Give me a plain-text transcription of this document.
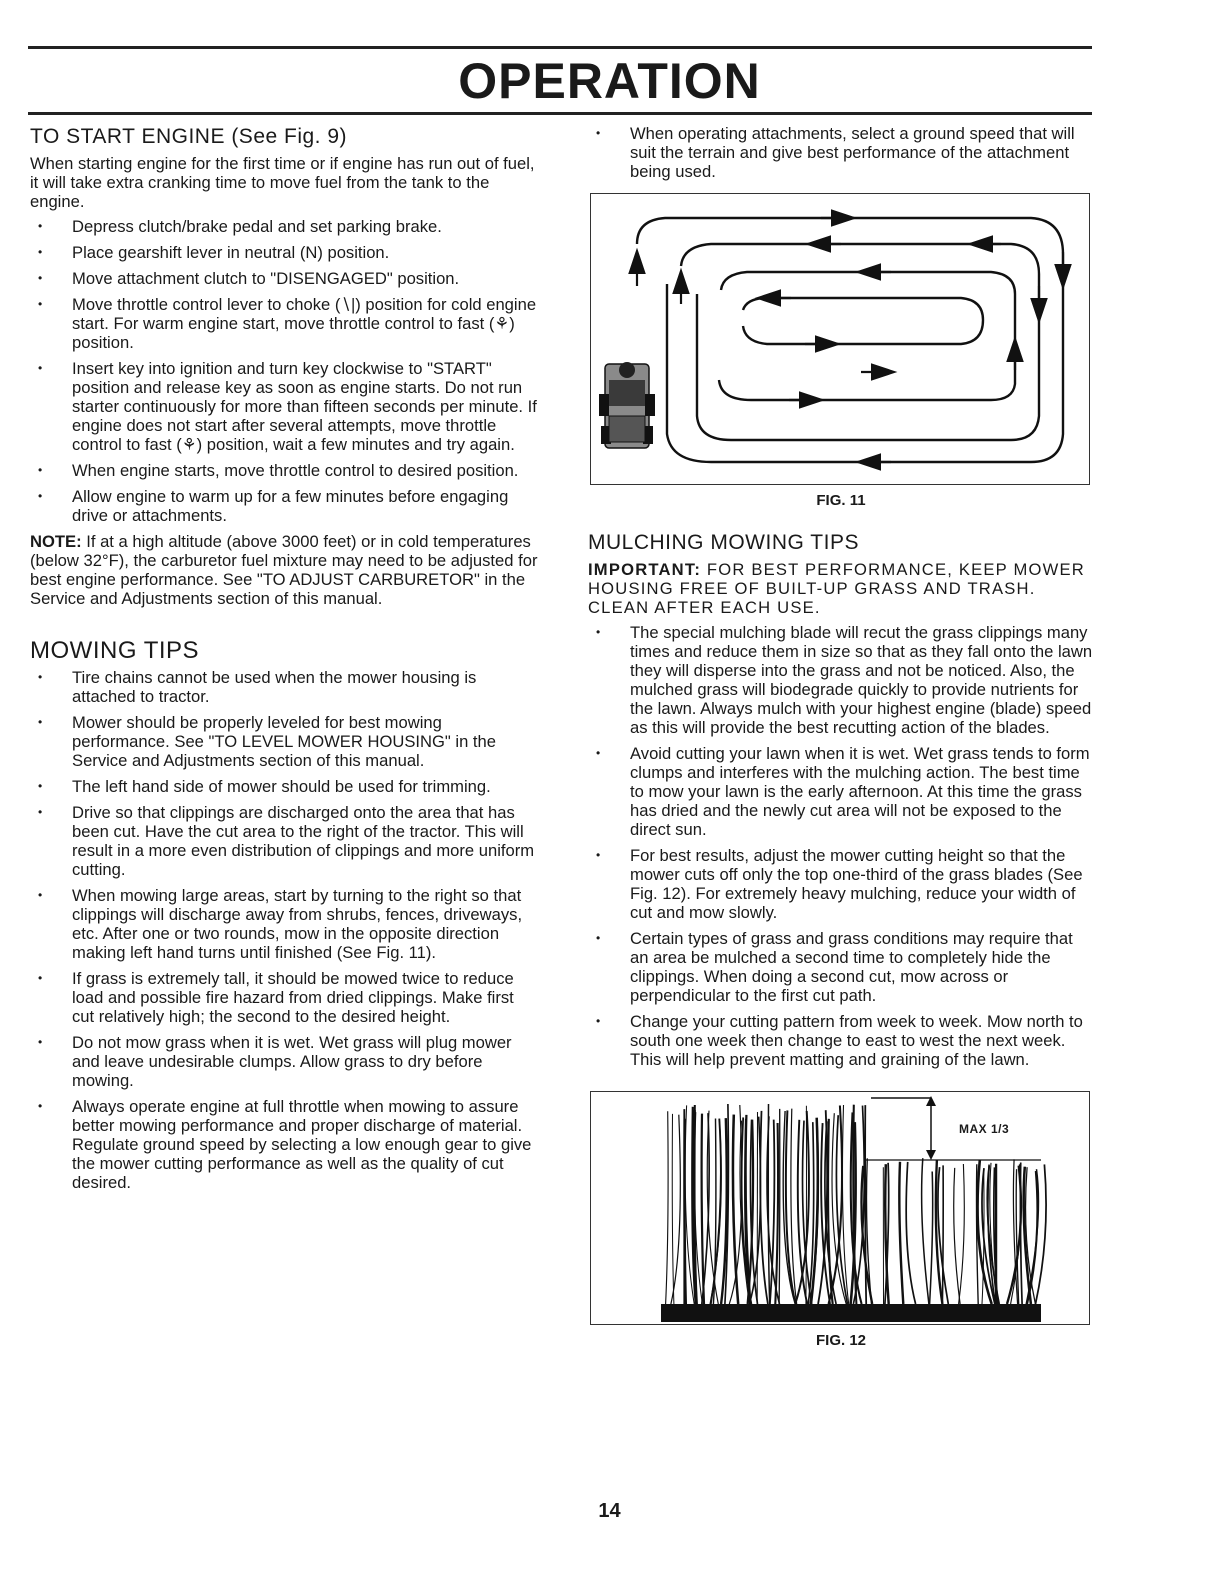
OPERATION
TO START ENGINE (See Fig. 9)

When starting engine for the first time or if engine has run out of fuel, it will take extra cranking time to move fuel from the tank to the engine.

• Depress clutch/brake pedal and set parking brake.
• Place gearshift lever in neutral (N) position.
• Move attachment clutch to "DISENGAGED" position.
• Move throttle control lever to choke (∖|) position for cold engine start. For warm engine start, move throttle control to fast (⚘) position.
• Insert key into ignition and turn key clockwise to "START" position and release key as soon as engine starts. Do not run starter continuously for more than fifteen seconds per minute. If engine does not start after several attempts, move throttle control to fast (⚘) position, wait a few minutes and try again.
• When engine starts, move throttle control to desired position.
• Allow engine to warm up for a few minutes before engaging drive or attachments.

NOTE: If at a high altitude (above 3000 feet) or in cold temperatures (below 32°F), the carburetor fuel mixture may need to be adjusted for best engine performance. See "TO ADJUST CARBURETOR" in the Service and Adjustments section of this manual.

MOWING TIPS
• Tire chains cannot be used when the mower housing is attached to tractor.
• Mower should be properly leveled for best mowing performance. See "TO LEVEL MOWER HOUSING" in the Service and Adjustments section of this manual.
• The left hand side of mower should be used for trimming.
• Drive so that clippings are discharged onto the area that has been cut. Have the cut area to the right of the tractor. This will result in a more even distribution of clippings and more uniform cutting.
• When mowing large areas, start by turning to the right so that clippings will discharge away from shrubs, fences, driveways, etc. After one or two rounds, mow in the opposite direction making left hand turns until finished (See Fig. 11).
• If grass is extremely tall, it should be mowed twice to reduce load and possible fire hazard from dried clippings. Make first cut relatively high; the second to the desired height.
• Do not mow grass when it is wet. Wet grass will plug mower and leave undesirable clumps. Allow grass to dry before mowing.
• Always operate engine at full throttle when mowing to assure better mowing performance and proper discharge of material. Regulate ground speed by selecting a low enough gear to give the mower cutting performance as well as the quality of cut desired.
• When operating attachments, select a ground speed that will suit the terrain and give best performance of the attachment being used.

FIG. 11

MULCHING MOWING TIPS

IMPORTANT: FOR BEST PERFORMANCE, KEEP MOWER HOUSING FREE OF BUILT-UP GRASS AND TRASH. CLEAN AFTER EACH USE.

• The special mulching blade will recut the grass clippings many times and reduce them in size so that as they fall onto the lawn they will disperse into the grass and not be noticed. Also, the mulched grass will biodegrade quickly to provide nutrients for the lawn. Always mulch with your highest engine (blade) speed as this will provide the best recutting action of the blades.
• Avoid cutting your lawn when it is wet. Wet grass tends to form clumps and interferes with the mulching action. The best time to mow your lawn is the early afternoon. At this time the grass has dried and the newly cut area will not be exposed to the direct sun.
• For best results, adjust the mower cutting height so that the mower cuts off only the top one-third of the grass blades (See Fig. 12). For extremely heavy mulching, reduce your width of cut and mow slowly.
• Certain types of grass and grass conditions may require that an area be mulched a second time to completely hide the clippings. When doing a second cut, mow across or perpendicular to the first cut path.
• Change your cutting pattern from week to week. Mow north to south one week then change to east to west the next week. This will help prevent matting and graining of the lawn.
MAX 1/3

FIG. 12

14
